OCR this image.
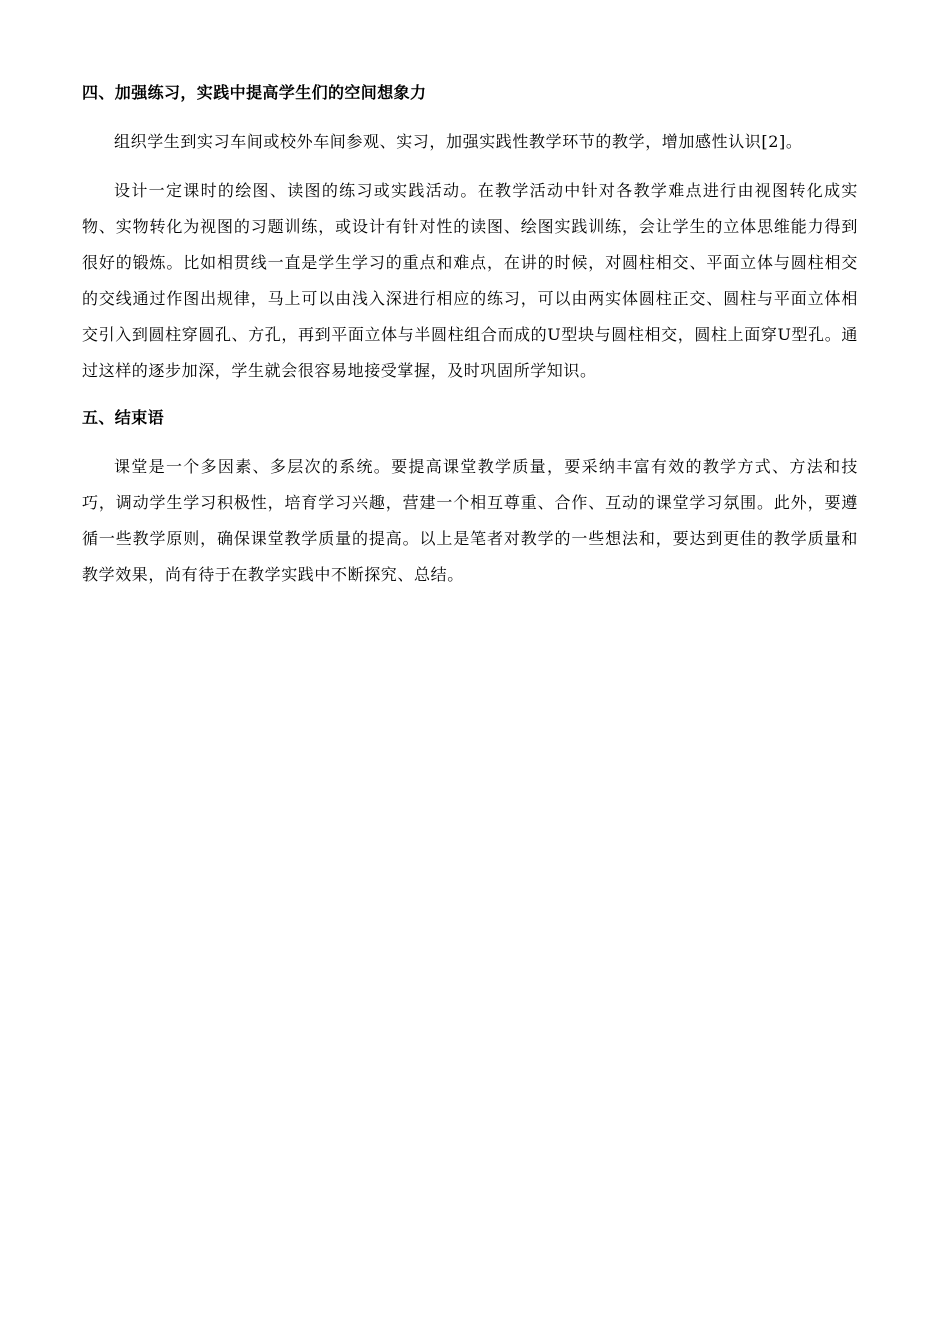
四、加强练习，实践中提高学生们的空间想象力

组织学生到实习车间或校外车间参观、实习，加强实践性教学环节的教学，增加感性认识[2]。

设计一定课时的绘图、读图的练习或实践活动。在教学活动中针对各教学难点进行由视图转化成实物、实物转化为视图的习题训练，或设计有针对性的读图、绘图实践训练，会让学生的立体思维能力得到很好的锻炼。比如相贯线一直是学生学习的重点和难点，在讲的时候，对圆柱相交、平面立体与圆柱相交的交线通过作图出规律，马上可以由浅入深进行相应的练习，可以由两实体圆柱正交、圆柱与平面立体相交引入到圆柱穿圆孔、方孔，再到平面立体与半圆柱组合而成的U型块与圆柱相交，圆柱上面穿U型孔。通过这样的逐步加深，学生就会很容易地接受掌握，及时巩固所学知识。

五、结束语

课堂是一个多因素、多层次的系统。要提高课堂教学质量，要采纳丰富有效的教学方式、方法和技巧，调动学生学习积极性，培育学习兴趣，营建一个相互尊重、合作、互动的课堂学习氛围。此外，要遵循一些教学原则，确保课堂教学质量的提高。以上是笔者对教学的一些想法和，要达到更佳的教学质量和教学效果，尚有待于在教学实践中不断探究、总结。
